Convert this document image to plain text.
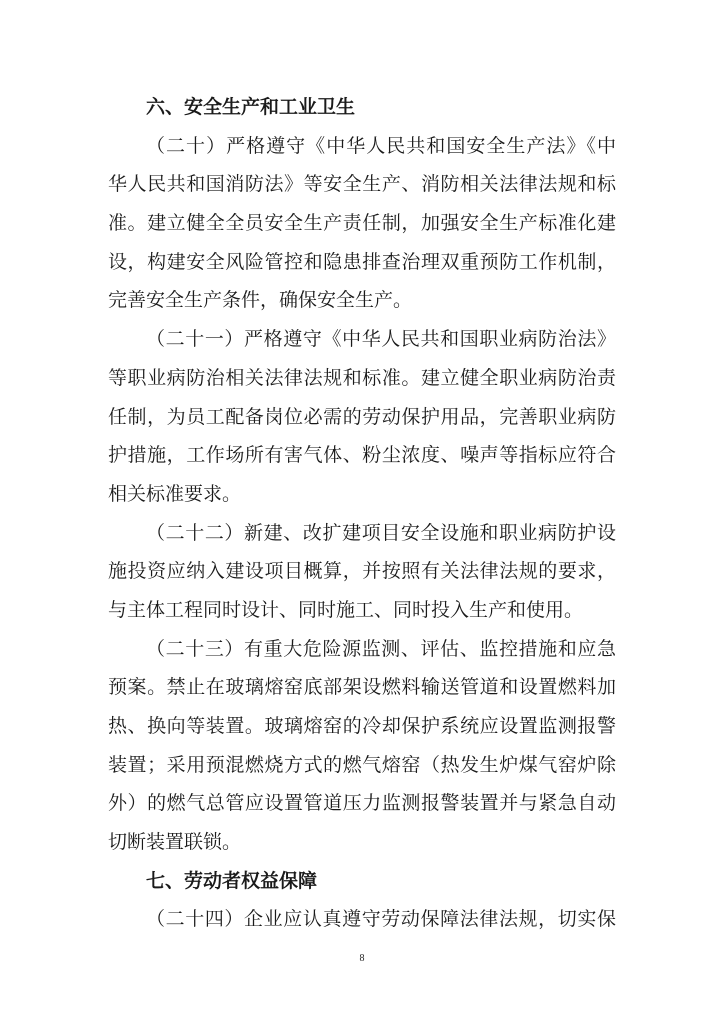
六、安全生产和工业卫生
（二十）严格遵守《中华人民共和国安全生产法》《中
华人民共和国消防法》等安全生产、消防相关法律法规和标
准。建立健全全员安全生产责任制，加强安全生产标准化建
设，构建安全风险管控和隐患排查治理双重预防工作机制，
完善安全生产条件，确保安全生产。
（二十一）严格遵守《中华人民共和国职业病防治法》
等职业病防治相关法律法规和标准。建立健全职业病防治责
任制，为员工配备岗位必需的劳动保护用品，完善职业病防
护措施，工作场所有害气体、粉尘浓度、噪声等指标应符合
相关标准要求。
（二十二）新建、改扩建项目安全设施和职业病防护设
施投资应纳入建设项目概算，并按照有关法律法规的要求，
与主体工程同时设计、同时施工、同时投入生产和使用。
（二十三）有重大危险源监测、评估、监控措施和应急
预案。禁止在玻璃熔窑底部架设燃料输送管道和设置燃料加
热、换向等装置。玻璃熔窑的冷却保护系统应设置监测报警
装置；采用预混燃烧方式的燃气熔窑（热发生炉煤气窑炉除
外）的燃气总管应设置管道压力监测报警装置并与紧急自动
切断装置联锁。
七、劳动者权益保障
（二十四）企业应认真遵守劳动保障法律法规，切实保
8
